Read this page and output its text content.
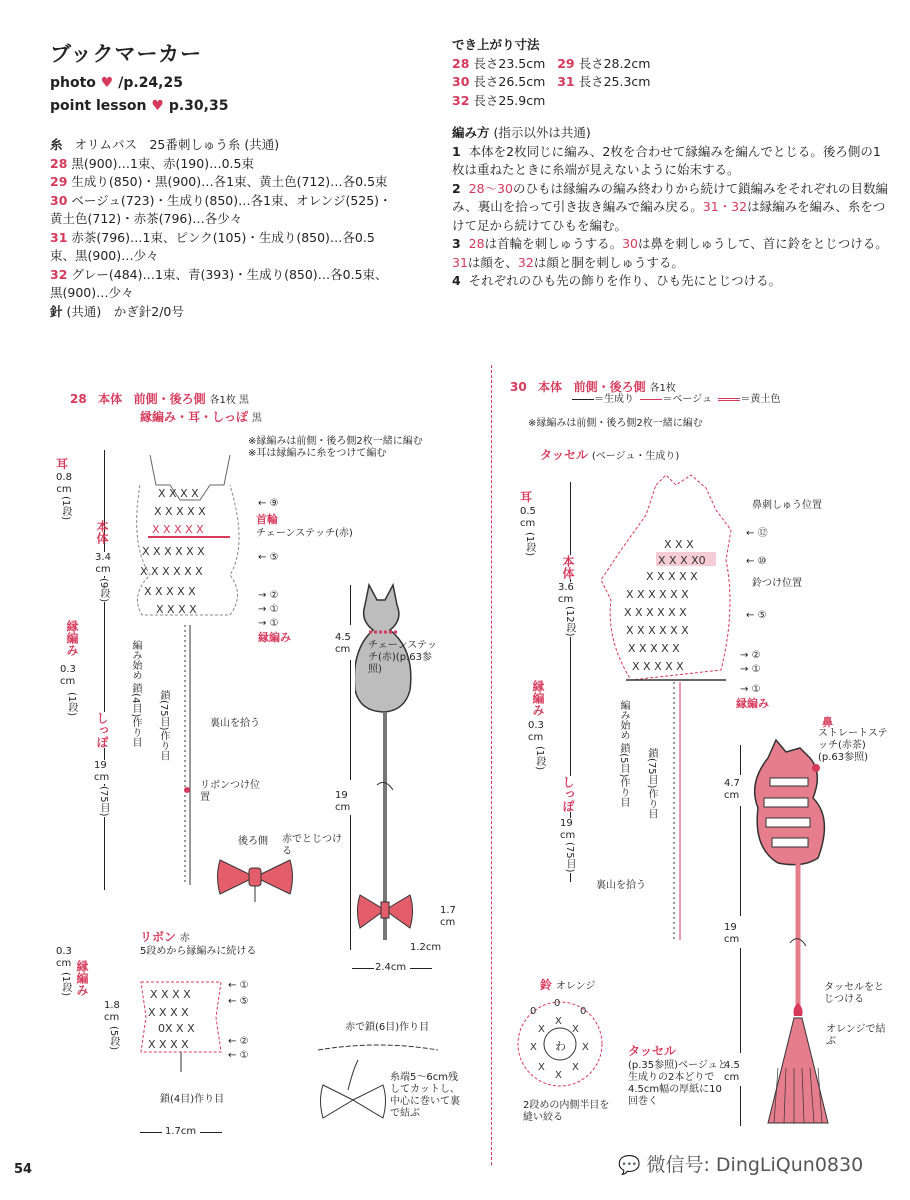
ブックマーカー
photo ♥ /p.24,25
point lesson ♥ p.30,35
糸 オリムパス　25番刺しゅう糸 (共通)
28 黒(900)…1束、赤(190)…0.5束
29 生成り(850)・黒(900)…各1束、黄土色(712)…各0.5束
30 ベージュ(723)・生成り(850)…各1束、オレンジ(525)・黄土色(712)・赤茶(796)…各少々
31 赤茶(796)…1束、ピンク(105)・生成り(850)…各0.5束、黒(900)…少々
32 グレー(484)…1束、青(393)・生成り(850)…各0.5束、黒(900)…少々
針 (共通)　かぎ針2/0号
でき上がり寸法
28 長さ23.5cm 29 長さ28.2cm
30 長さ26.5cm 31 長さ25.3cm
32 長さ25.9cm
編み方 (指示以外は共通)
1 本体を2枚同じに編み、2枚を合わせて縁編みを編んでとじる。後ろ側の1枚は重ねたときに糸端が見えないように始末する。
2 28〜30のひもは縁編みの編み終わりから続けて鎖編みをそれぞれの目数編み、裏山を拾って引き抜き編みで編み戻る。31・32は縁編みを編み、糸をつけて足から続けてひもを編む。
3 28は首輪を刺しゅうする。30は鼻を刺しゅうして、首に鈴をとじつける。31は顔を、32は顔と胴を刺しゅうする。
4 それぞれのひも先の飾りを作り、ひも先にとじつける。
28 本体 前側・後ろ側 各1枚 黒
縁編み・耳・しっぽ 黒
※縁編みは前側・後ろ側2枚一緒に編む
※耳は縁編みに糸をつけて編む
耳
0.8
cm
(1段)
本体
3.4
cm
(9段)
縁編み
0.3
cm
(1段)
しっぽ
19
cm
(75目)
X X X X
X X X X X
X X X X X
X X X X X X
X X X X X X
X X X X X
X X X X
← ⑨
首輪
チェーンステッチ(赤)
← ⑤
→ ②
→ ①
→ ①
縁編み
編み始め 鎖(4目)作り目 鎖(75目)作り目	裏山を拾う
リボンつけ位置
後ろ側 赤でとじつける
4.5
cm
19
cm
チェーンステッチ(赤)(p.63参照)
1.7
cm
1.2cm
2.4cm
リボン 赤
5段めから縁編みに続ける
0.3
cm
(1段) 縁編み
1.8
cm
(5段)
X X X X
X X X X
0X X X
X X X X
← ①
← ⑤
← ②
← ①
鎖(4目)作り目
1.7cm
赤で鎖(6目)作り目
糸端5〜6cm残してカットし、中心に巻いて裏で結ぶ
30 本体 前側・後ろ側 各1枚
＝生成り	＝ベージュ	＝黄土色
※縁編みは前側・後ろ側2枚一緒に編む
タッセル (ベージュ・生成り)
耳
0.5
cm
(1段)
本体
3.6
cm
(12段)
縁編み
0.3
cm
(1段)
しっぽ
19
cm
(75目)
X X X
X X X X0
X X X X X
X X X X X X
X X X X X X
X X X X X X
X X X X X
X X X X X
鼻刺しゅう位置
← ⑫
← ⑩
鈴つけ位置
← ⑤
→ ②
→ ①
→ ①
縁編み
編み始め 鎖(5目)作り目 鎖(75目)作り目
裏山を拾う
鼻
ストレートステッチ(赤茶)(p.63参照)
4.7
cm
19
cm
4.5
cm
タッセルをとじつける
オレンジで結ぶ
鈴 オレンジ
X
X	X
X	X
X	X
X
0
0	0
わ
2段めの内側半目を縫い絞る
タッセル
(p.35参照)ベージュと生成りの2本どりで4.5cm幅の厚紙に10回巻く
54	💬 微信号: DingLiQun0830
